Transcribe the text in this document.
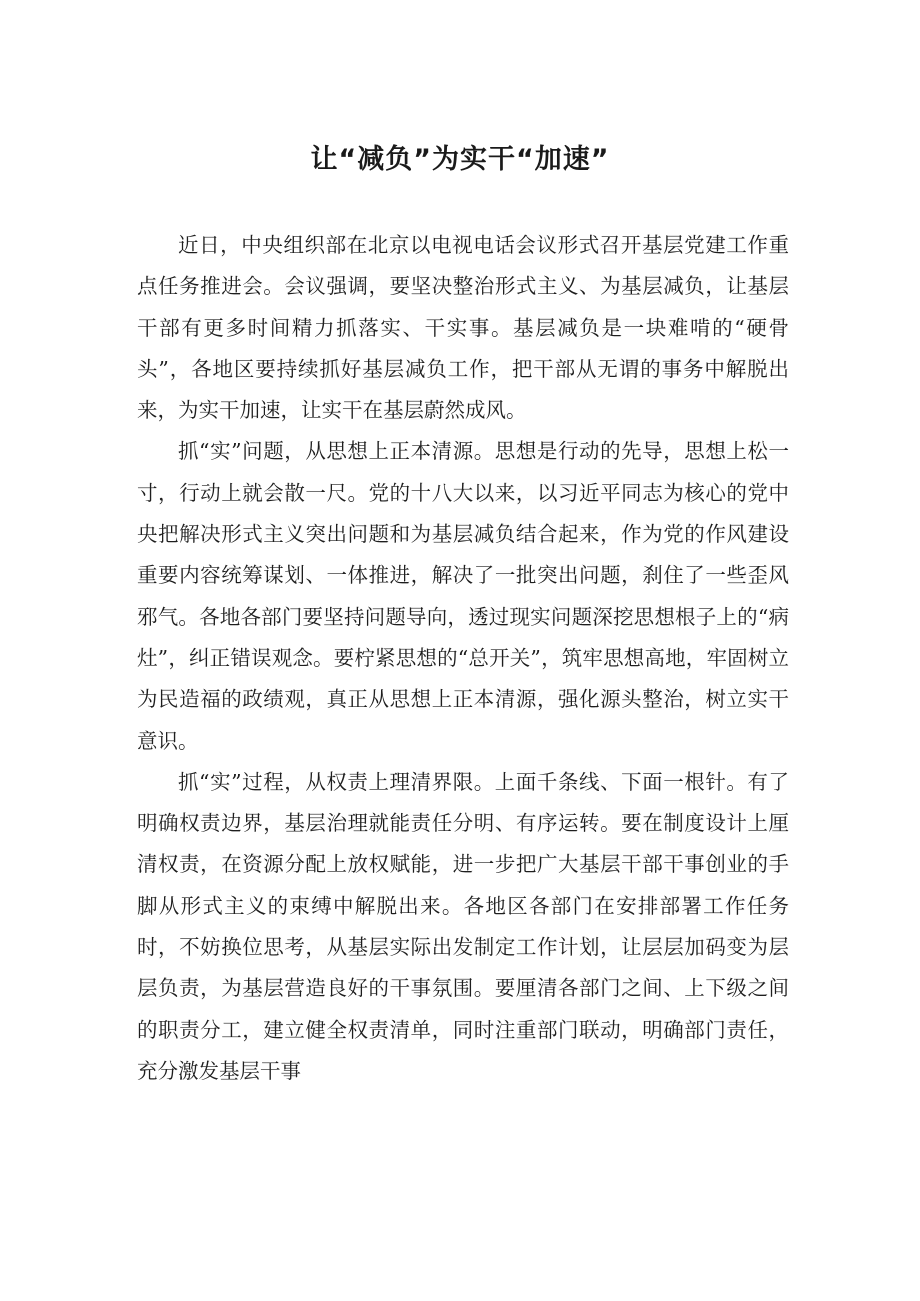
让“减负”为实干“加速”

近日，中央组织部在北京以电视电话会议形式召开基层党建工作重点任务推进会。会议强调，要坚决整治形式主义、为基层减负，让基层干部有更多时间精力抓落实、干实事。基层减负是一块难啃的“硬骨头”，各地区要持续抓好基层减负工作，把干部从无谓的事务中解脱出来，为实干加速，让实干在基层蔚然成风。

抓“实”问题，从思想上正本清源。思想是行动的先导，思想上松一寸，行动上就会散一尺。党的十八大以来，以习近平同志为核心的党中央把解决形式主义突出问题和为基层减负结合起来，作为党的作风建设重要内容统筹谋划、一体推进，解决了一批突出问题，刹住了一些歪风邪气。各地各部门要坚持问题导向，透过现实问题深挖思想根子上的“病灶”，纠正错误观念。要柠紧思想的“总开关”，筑牢思想高地，牢固树立为民造福的政绩观，真正从思想上正本清源，强化源头整治，树立实干意识。

抓“实”过程，从权责上理清界限。上面千条线、下面一根针。有了明确权责边界，基层治理就能责任分明、有序运转。要在制度设计上厘清权责，在资源分配上放权赋能，进一步把广大基层干部干事创业的手脚从形式主义的束缚中解脱出来。各地区各部门在安排部署工作任务时，不妨换位思考，从基层实际出发制定工作计划，让层层加码变为层层负责，为基层营造良好的干事氛围。要厘清各部门之间、上下级之间的职责分工，建立健全权责清单，同时注重部门联动，明确部门责任，充分激发基层干事
